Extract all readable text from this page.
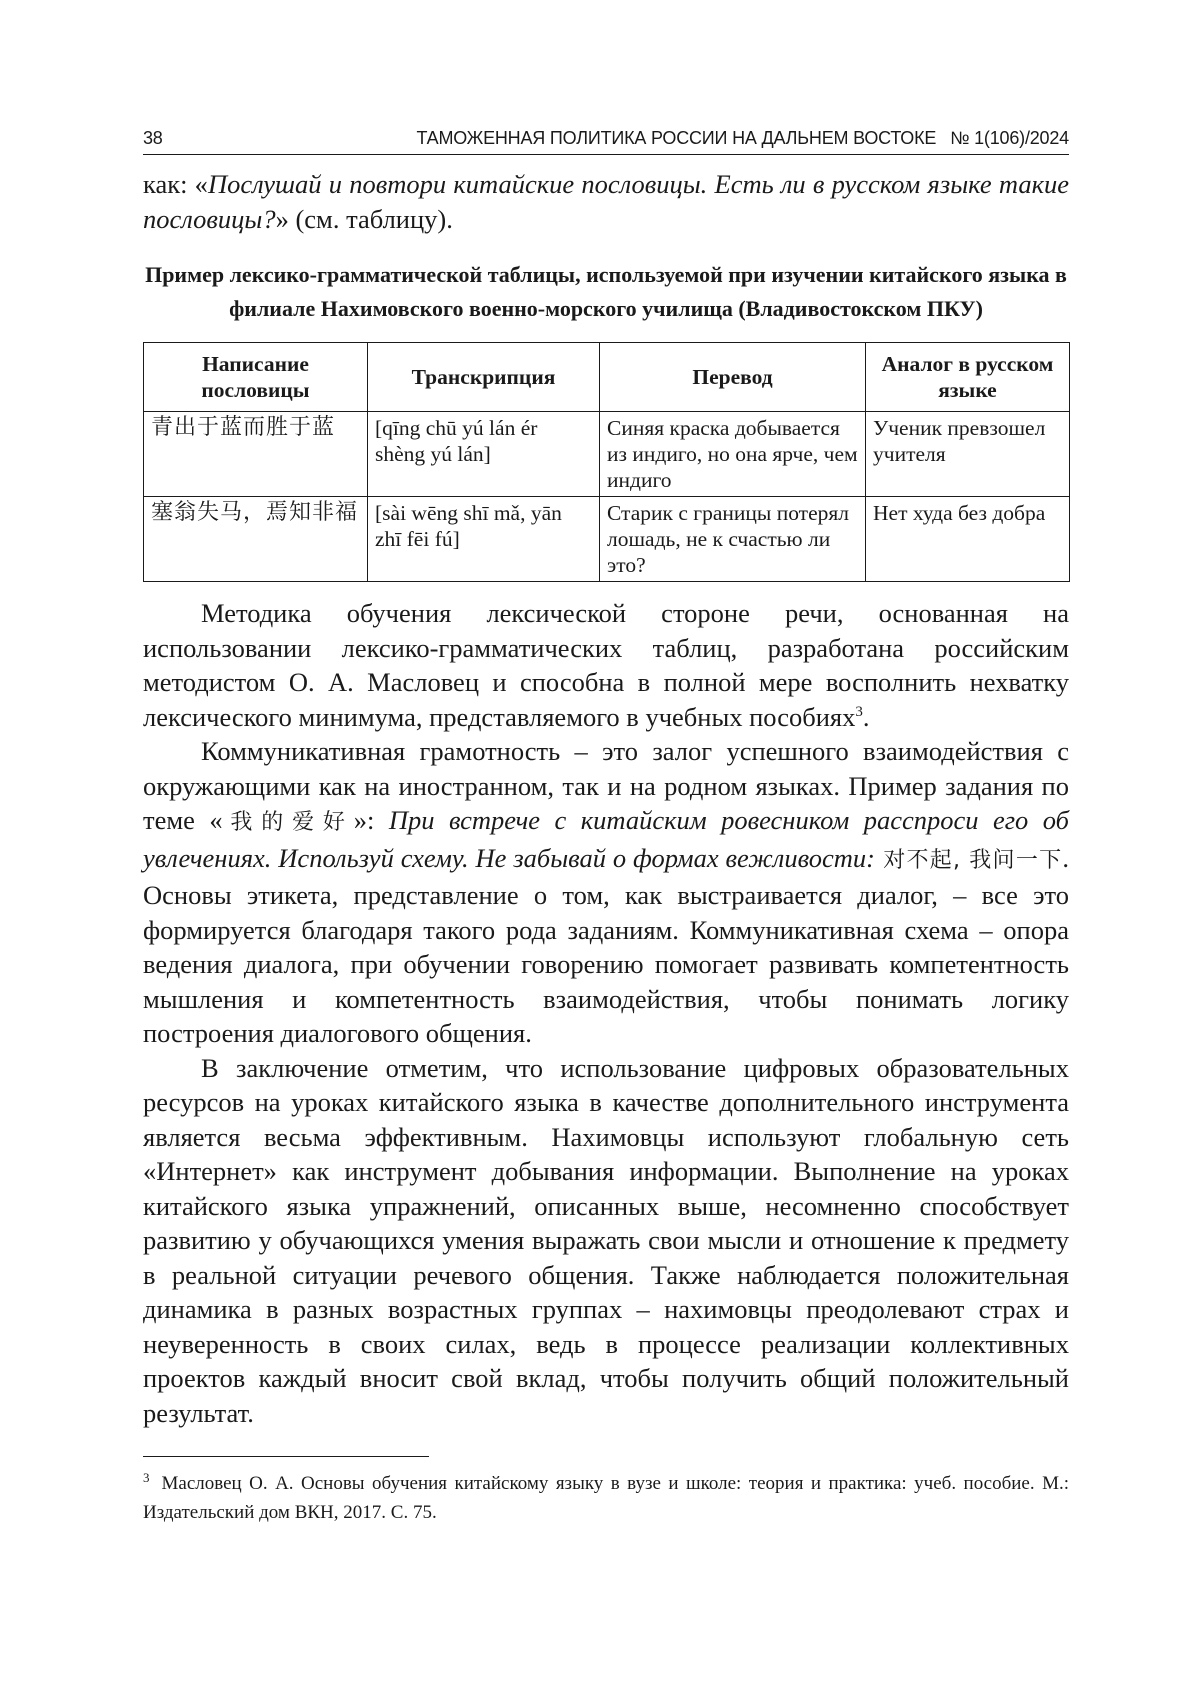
38	ТАМОЖЕННАЯ ПОЛИТИКА РОССИИ НА ДАЛЬНЕМ ВОСТОКЕ № 1(106)/2024

как: «Послушай и повтори китайские пословицы. Есть ли в русском языке такие пословицы?» (см. таблицу).

Пример лексико-грамматической таблицы, используемой при изучении китайского языка в филиале Нахимовского военно-морского училища (Владивостокском ПКУ)
Написание пословицы	Транскрипция	Перевод	Аналог в русском языке
青出于蓝而胜于蓝	[qīng chū yú lán ér shèng yú lán]	Синяя краска добывается из индиго, но она ярче, чем индиго	Ученик превзошел учителя
塞翁失马，焉知非福	[sài wēng shī mǎ, yān zhī fēi fú]	Старик с границы потерял лошадь, не к счастью ли это?	Нет худа без добра

Методика обучения лексической стороне речи, основанная на использовании лексико-грамматических таблиц, разработана российским методистом О. А. Масловец и способна в полной мере восполнить нехватку лексического минимума, представляемого в учебных пособиях$^3$.

Коммуникативная грамотность – это залог успешного взаимодействия с окружающими как на иностранном, так и на родном языках. Пример задания по теме «我的爱好»: При встрече с китайским ровесником расспроси его об увлечениях. Используй схему. Не забывай о формах вежливости: 对不起, 我问一下. Основы этикета, представление о том, как выстраивается диалог, – все это формируется благодаря такого рода заданиям. Коммуникативная схема – опора ведения диалога, при обучении говорению помогает развивать компетентность мышления и компетентность взаимодействия, чтобы понимать логику построения диалогового общения.

В заключение отметим, что использование цифровых образовательных ресурсов на уроках китайского языка в качестве дополнительного инструмента является весьма эффективным. Нахимовцы используют глобальную сеть «Интернет» как инструмент добывания информации. Выполнение на уроках китайского языка упражнений, описанных выше, несомненно способствует развитию у обучающихся умения выражать свои мысли и отношение к предмету в реальной ситуации речевого общения. Также наблюдается положительная динамика в разных возрастных группах – нахимовцы преодолевают страх и неуверенность в своих силах, ведь в процессе реализации коллективных проектов каждый вносит свой вклад, чтобы получить общий положительный результат.

$^3$ Масловец О. А. Основы обучения китайскому языку в вузе и школе: теория и практика: учеб. пособие. М.: Издательский дом ВКН, 2017. С. 75.
